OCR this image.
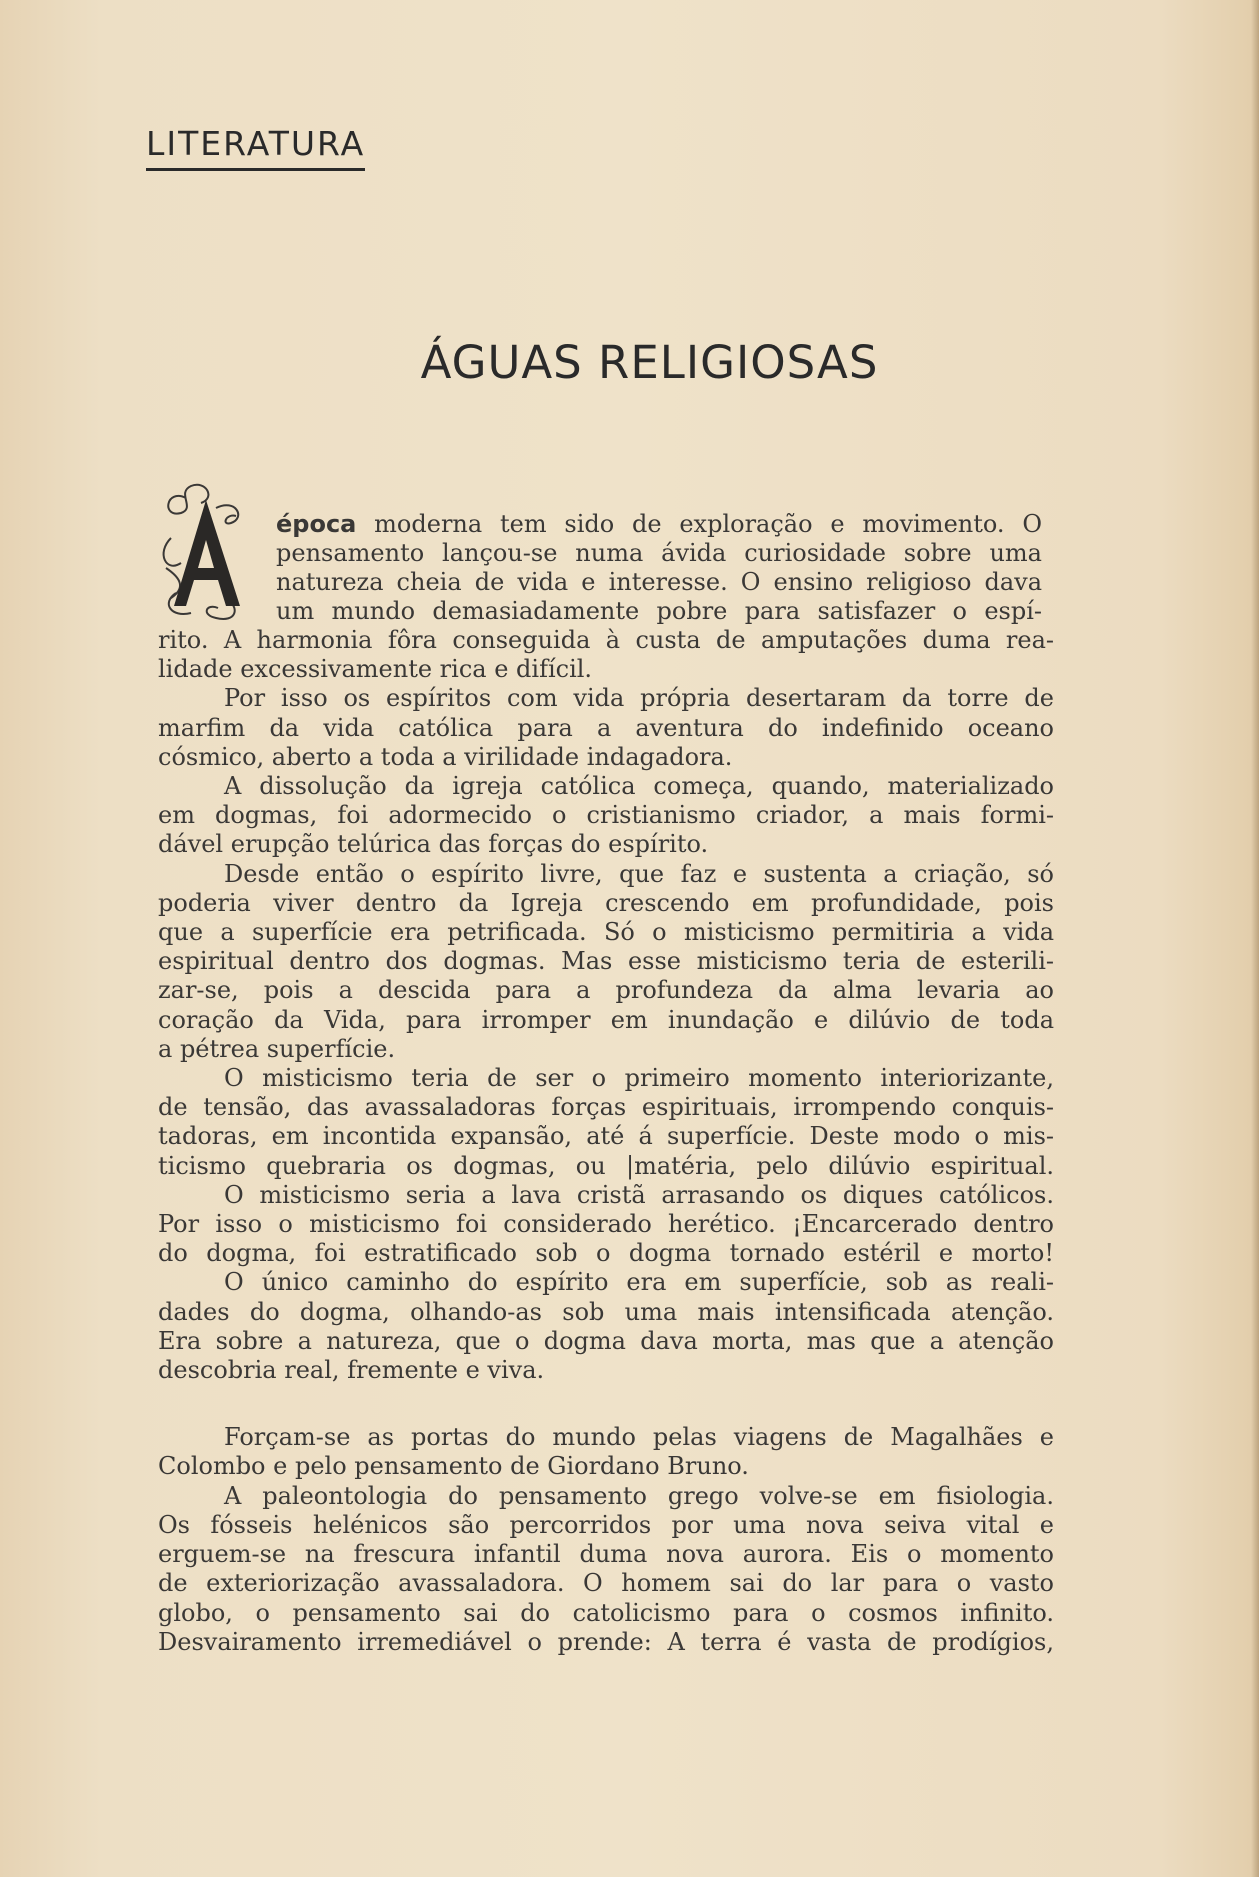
LITERATURA
ÁGUAS RELIGIOSAS
A
época moderna tem sido de exploração e movimento. O
pensamento lançou-se numa ávida curiosidade sobre uma
natureza cheia de vida e interesse. O ensino religioso dava
um mundo demasiadamente pobre para satisfazer o espí-
rito. A harmonia fôra conseguida à custa de amputações duma rea-
lidade excessivamente rica e difícil.
Por isso os espíritos com vida própria desertaram da torre de
marfim da vida católica para a aventura do indefinido oceano
cósmico, aberto a toda a virilidade indagadora.
A dissolução da igreja católica começa, quando, materializado
em dogmas, foi adormecido o cristianismo criador, a mais formi-
dável erupção telúrica das forças do espírito.
Desde então o espírito livre, que faz e sustenta a criação, só
poderia viver dentro da Igreja crescendo em profundidade, pois
que a superfície era petrificada. Só o misticismo permitiria a vida
espiritual dentro dos dogmas. Mas esse misticismo teria de esterili-
zar-se, pois a descida para a profundeza da alma levaria ao
coração da Vida, para irromper em inundação e dilúvio de toda
a pétrea superfície.
O misticismo teria de ser o primeiro momento interiorizante,
de tensão, das avassaladoras forças espirituais, irrompendo conquis-
tadoras, em incontida expansão, até á superfície. Deste modo o mis-
ticismo quebraria os dogmas, ou |matéria, pelo dilúvio espiritual.
O misticismo seria a lava cristã arrasando os diques católicos.
Por isso o misticismo foi considerado herético. ¡Encarcerado dentro
do dogma, foi estratificado sob o dogma tornado estéril e morto!
O único caminho do espírito era em superfície, sob as reali-
dades do dogma, olhando-as sob uma mais intensificada atenção.
Era sobre a natureza, que o dogma dava morta, mas que a atenção
descobria real, fremente e viva.
Forçam-se as portas do mundo pelas viagens de Magalhães e
Colombo e pelo pensamento de Giordano Bruno.
A paleontologia do pensamento grego volve-se em fisiologia.
Os fósseis helénicos são percorridos por uma nova seiva vital e
erguem-se na frescura infantil duma nova aurora. Eis o momento
de exteriorização avassaladora. O homem sai do lar para o vasto
globo, o pensamento sai do catolicismo para o cosmos infinito.
Desvairamento irremediável o prende: A terra é vasta de prodígios,
